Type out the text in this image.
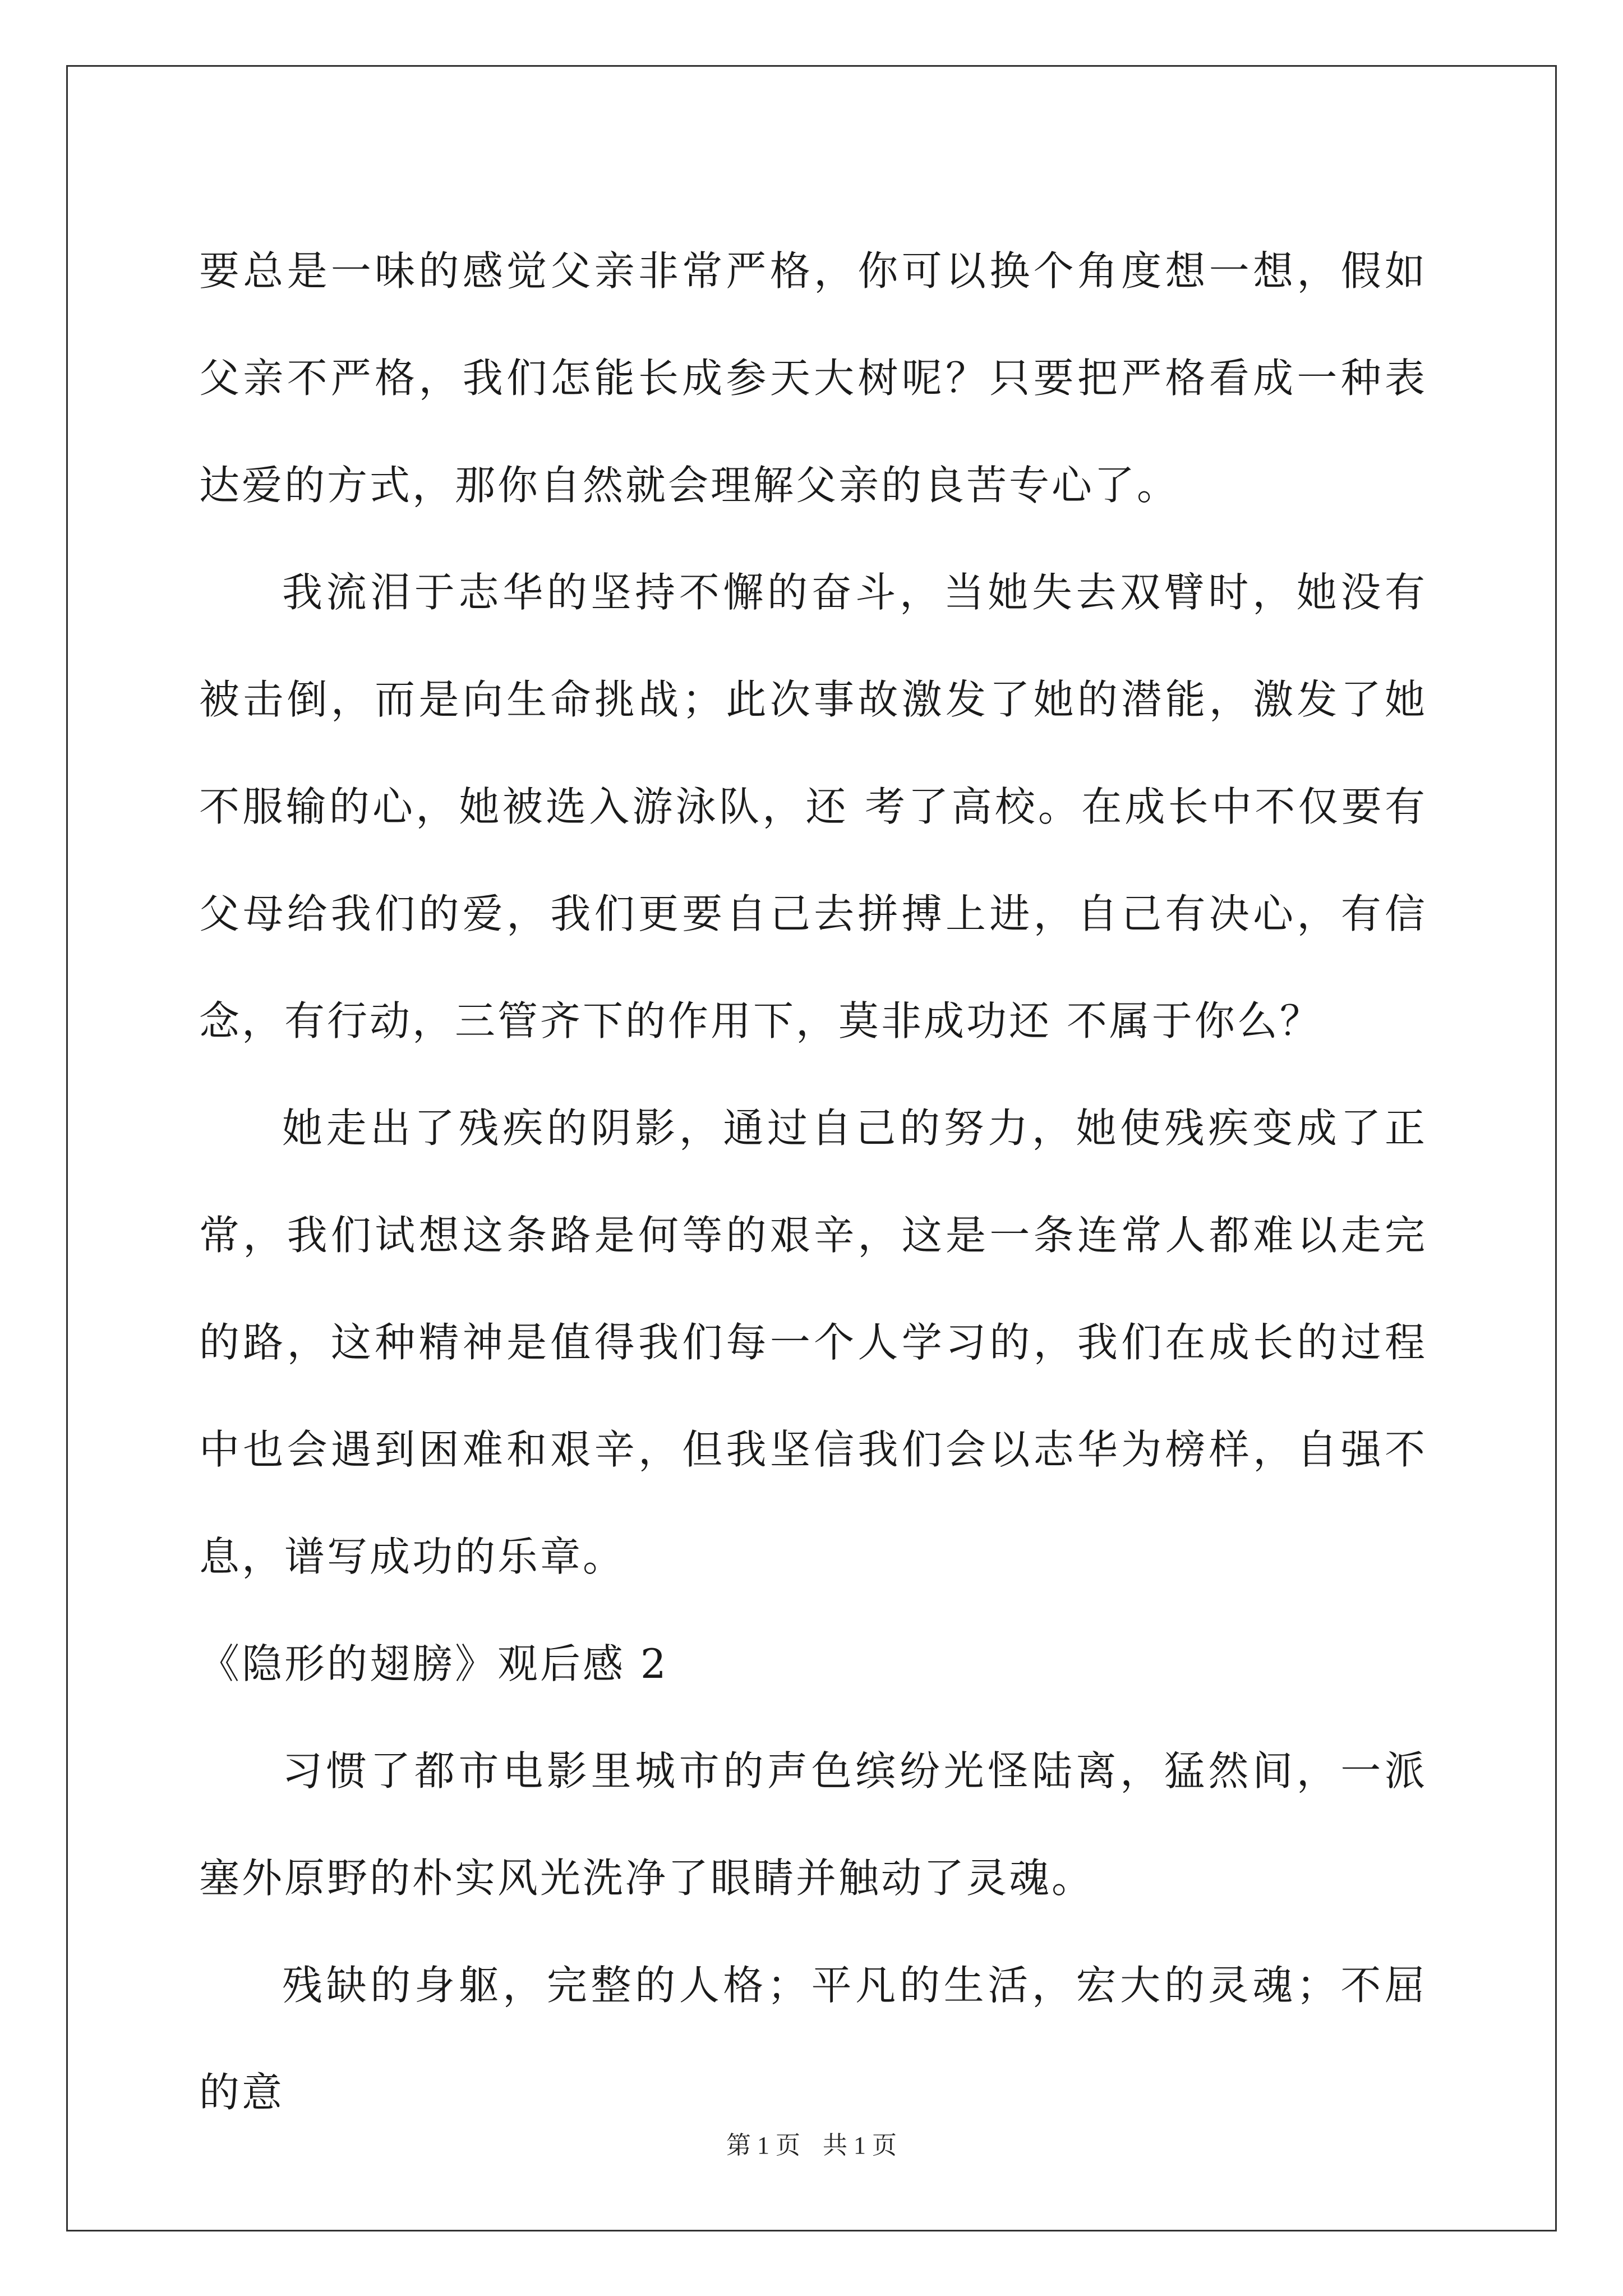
要总是一味的感觉父亲非常严格，你可以换个角度想一想，假如父亲不严格，我们怎能长成参天大树呢？只要把严格看成一种表达爱的方式，那你自然就会理解父亲的良苦专心了。

我流泪于志华的坚持不懈的奋斗，当她失去双臂时，她没有被击倒，而是向生命挑战；此次事故激发了她的潜能，激发了她不服输的心，她被选入游泳队，还 考了高校。在成长中不仅要有父母给我们的爱，我们更要自己去拼搏上进，自己有决心，有信念，有行动，三管齐下的作用下，莫非成功还 不属于你么？

她走出了残疾的阴影，通过自己的努力，她使残疾变成了正常，我们试想这条路是何等的艰辛，这是一条连常人都难以走完的路，这种精神是值得我们每一个人学习的，我们在成长的过程中也会遇到困难和艰辛，但我坚信我们会以志华为榜样，自强不息，谱写成功的乐章。

《隐形的翅膀》观后感 2

习惯了都市电影里城市的声色缤纷光怪陆离，猛然间，一派塞外原野的朴实风光洗净了眼睛并触动了灵魂。

残缺的身躯，完整的人格；平凡的生活，宏大的灵魂；不屈的意

第 1 页 共 1 页
